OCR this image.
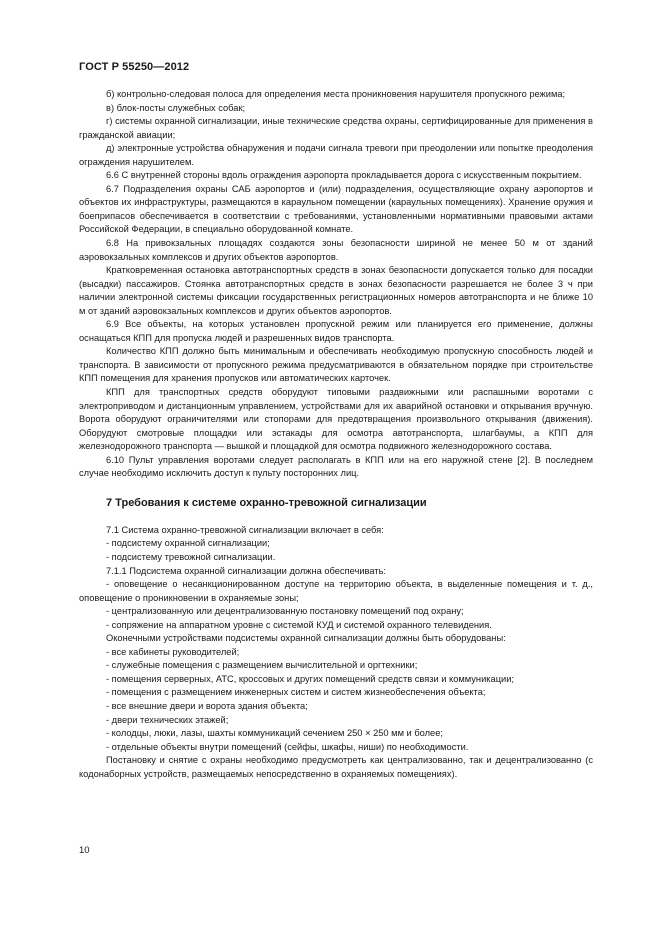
ГОСТ Р 55250—2012

б) контрольно-следовая полоса для определения места проникновения нарушителя пропускного режима;

в) блок-посты служебных собак;

г) системы охранной сигнализации, иные технические средства охраны, сертифицированные для применения в гражданской авиации;

д) электронные устройства обнаружения и подачи сигнала тревоги при преодолении или попытке преодоления ограждения нарушителем.

6.6 С внутренней стороны вдоль ограждения аэропорта прокладывается дорога с искусственным покрытием.

6.7 Подразделения охраны САБ аэропортов и (или) подразделения, осуществляющие охрану аэропортов и объектов их инфраструктуры, размещаются в караульном помещении (караульных помещениях). Хранение оружия и боеприпасов обеспечивается в соответствии с требованиями, установленными нормативными правовыми актами Российской Федерации, в специально оборудованной комнате.

6.8 На привокзальных площадях создаются зоны безопасности шириной не менее 50 м от зданий аэровокзальных комплексов и других объектов аэропортов.

Кратковременная остановка автотранспортных средств в зонах безопасности допускается только для посадки (высадки) пассажиров. Стоянка автотранспортных средств в зонах безопасности разрешается не более 3 ч при наличии электронной системы фиксации государственных регистрационных номеров автотранспорта и не ближе 10 м от зданий аэровокзальных комплексов и других объектов аэропортов.

6.9 Все объекты, на которых установлен пропускной режим или планируется его применение, должны оснащаться КПП для пропуска людей и разрешенных видов транспорта.

Количество КПП должно быть минимальным и обеспечивать необходимую пропускную способность людей и транспорта. В зависимости от пропускного режима предусматриваются в обязательном порядке при строительстве КПП помещения для хранения пропусков или автоматических карточек.

КПП для транспортных средств оборудуют типовыми раздвижными или распашными воротами с электроприводом и дистанционным управлением, устройствами для их аварийной остановки и открывания вручную. Ворота оборудуют ограничителями или стопорами для предотвращения произвольного открывания (движения). Оборудуют смотровые площадки или эстакады для осмотра автотранспорта, шлагбаумы, а КПП для железнодорожного транспорта — вышкой и площадкой для осмотра подвижного железнодорожного состава.

6.10 Пульт управления воротами следует располагать в КПП или на его наружной стене [2]. В последнем случае необходимо исключить доступ к пульту посторонних лиц.

7 Требования к системе охранно-тревожной сигнализации

7.1 Система охранно-тревожной сигнализации включает в себя:

- подсистему охранной сигнализации;

- подсистему тревожной сигнализации.

7.1.1 Подсистема охранной сигнализации должна обеспечивать:

- оповещение о несанкционированном доступе на территорию объекта, в выделенные помещения и т. д., оповещение о проникновении в охраняемые зоны;

- централизованную или децентрализованную постановку помещений под охрану;

- сопряжение на аппаратном уровне с системой КУД и системой охранного телевидения.

Оконечными устройствами подсистемы охранной сигнализации должны быть оборудованы:

- все кабинеты руководителей;

- служебные помещения с размещением вычислительной и оргтехники;

- помещения серверных, АТС, кроссовых и других помещений средств связи и коммуникации;

- помещения с размещением инженерных систем и систем жизнеобеспечения объекта;

- все внешние двери и ворота здания объекта;

- двери технических этажей;

- колодцы, люки, лазы, шахты коммуникаций сечением 250 × 250 мм и более;

- отдельные объекты внутри помещений (сейфы, шкафы, ниши) по необходимости.

Постановку и снятие с охраны необходимо предусмотреть как централизованно, так и децентрализованно (с кодонаборных устройств, размещаемых непосредственно в охраняемых помещениях).

10
